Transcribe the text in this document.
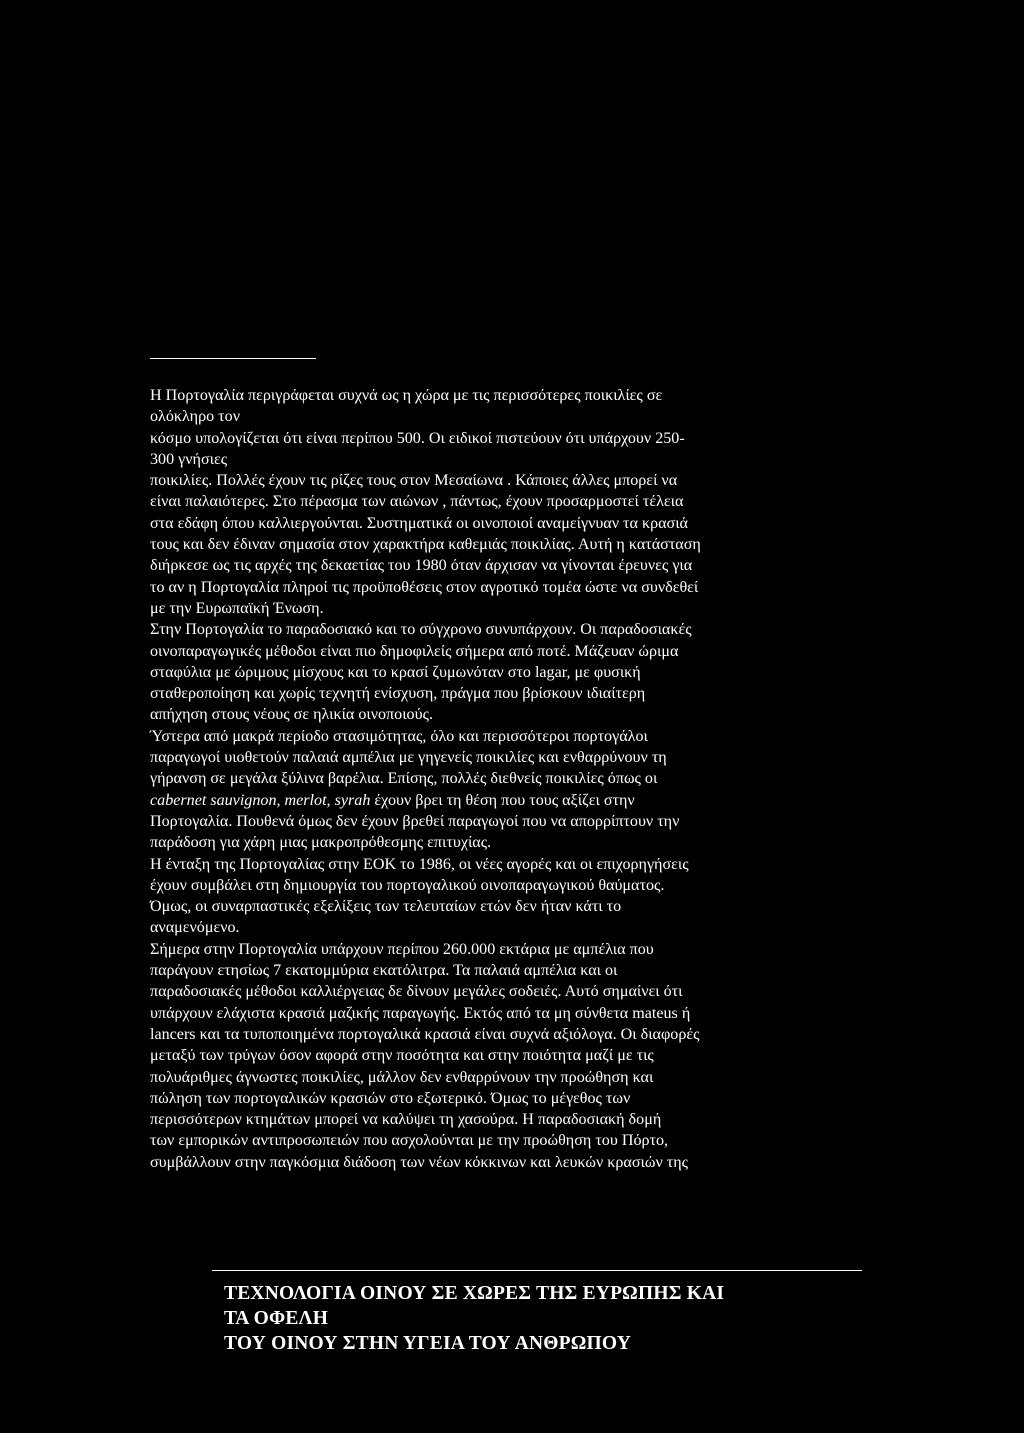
Η Πορτογαλία περιγράφεται συχνά ως η χώρα με τις περισσότερες ποικιλίες σε
ολόκληρο τον
κόσμο υπολογίζεται ότι είναι περίπου 500. Οι ειδικοί πιστεύουν ότι υπάρχουν 250-
300 γνήσιες
ποικιλίες. Πολλές έχουν τις ρίζες τους στον Μεσαίωνα . Κάποιες άλλες μπορεί να
είναι παλαιότερες. Στο πέρασμα των αιώνων , πάντως, έχουν προσαρμοστεί τέλεια
στα εδάφη όπου καλλιεργούνται. Συστηματικά οι οινοποιοί αναμείγνυαν τα κρασιά
τους και δεν έδιναν σημασία στον χαρακτήρα καθεμιάς ποικιλίας. Αυτή η κατάσταση
διήρκεσε ως τις αρχές της δεκαετίας του 1980 όταν άρχισαν να γίνονται έρευνες για
το αν η Πορτογαλία πληροί τις προϋποθέσεις στον αγροτικό τομέα ώστε να συνδεθεί
με την Ευρωπαϊκή Ένωση.
Στην Πορτογαλία το παραδοσιακό και το σύγχρονο συνυπάρχουν. Οι παραδοσιακές
οινοπαραγωγικές μέθοδοι είναι πιο δημοφιλείς σήμερα από ποτέ. Μάζευαν ώριμα
σταφύλια με ώριμους μίσχους και το κρασί ζυμωνόταν στο lagar, με φυσική
σταθεροποίηση και χωρίς τεχνητή ενίσχυση, πράγμα που βρίσκουν ιδιαίτερη
απήχηση στους νέους σε ηλικία οινοποιούς.
Ύστερα από μακρά περίοδο στασιμότητας, όλο και περισσότεροι πορτογάλοι
παραγωγοί υιοθετούν παλαιά αμπέλια με γηγενείς ποικιλίες και ενθαρρύνουν τη
γήρανση σε μεγάλα ξύλινα βαρέλια. Επίσης, πολλές διεθνείς ποικιλίες όπως οι
cabernet sauvignon, merlot, syrah έχουν βρει τη θέση που τους αξίζει στην
Πορτογαλία. Πουθενά όμως δεν έχουν βρεθεί παραγωγοί που να απορρίπτουν την
παράδοση για χάρη μιας μακροπρόθεσμης επιτυχίας.
Η ένταξη της Πορτογαλίας στην ΕΟΚ το 1986, οι νέες αγορές και οι επιχορηγήσεις
έχουν συμβάλει στη δημιουργία του πορτογαλικού οινοπαραγωγικού θαύματος.
Όμως, οι συναρπαστικές εξελίξεις των τελευταίων ετών δεν ήταν κάτι το
αναμενόμενο.
Σήμερα στην Πορτογαλία υπάρχουν περίπου 260.000 εκτάρια με αμπέλια που
παράγουν ετησίως 7 εκατομμύρια εκατόλιτρα. Τα παλαιά αμπέλια και οι
παραδοσιακές μέθοδοι καλλιέργειας δε δίνουν μεγάλες σοδειές. Αυτό σημαίνει ότι
υπάρχουν ελάχιστα κρασιά μαζικής παραγωγής. Εκτός από τα μη σύνθετα mateus ή
lancers και τα τυποποιημένα πορτογαλικά κρασιά είναι συχνά αξιόλογα. Οι διαφορές
μεταξύ των τρύγων όσον αφορά στην ποσότητα και στην ποιότητα μαζί με τις
πολυάριθμες άγνωστες ποικιλίες, μάλλον δεν ενθαρρύνουν την προώθηση και
πώληση των πορτογαλικών κρασιών στο εξωτερικό. Όμως το μέγεθος των
περισσότερων κτημάτων μπορεί να καλύψει τη χασούρα. Η παραδοσιακή δομή
των εμπορικών αντιπροσωπειών που ασχολούνται με την προώθηση του Πόρτο,
συμβάλλουν στην παγκόσμια διάδοση των νέων κόκκινων και λευκών κρασιών της
ΤΕΧΝΟΛΟΓΙΑ ΟΙΝΟΥ ΣΕ ΧΩΡΕΣ ΤΗΣ ΕΥΡΩΠΗΣ ΚΑΙ
ΤΑ ΟΦΕΛΗ
ΤΟΥ ΟΙΝΟΥ ΣΤΗΝ ΥΓΕΙΑ ΤΟΥ ΑΝΘΡΩΠΟΥ
